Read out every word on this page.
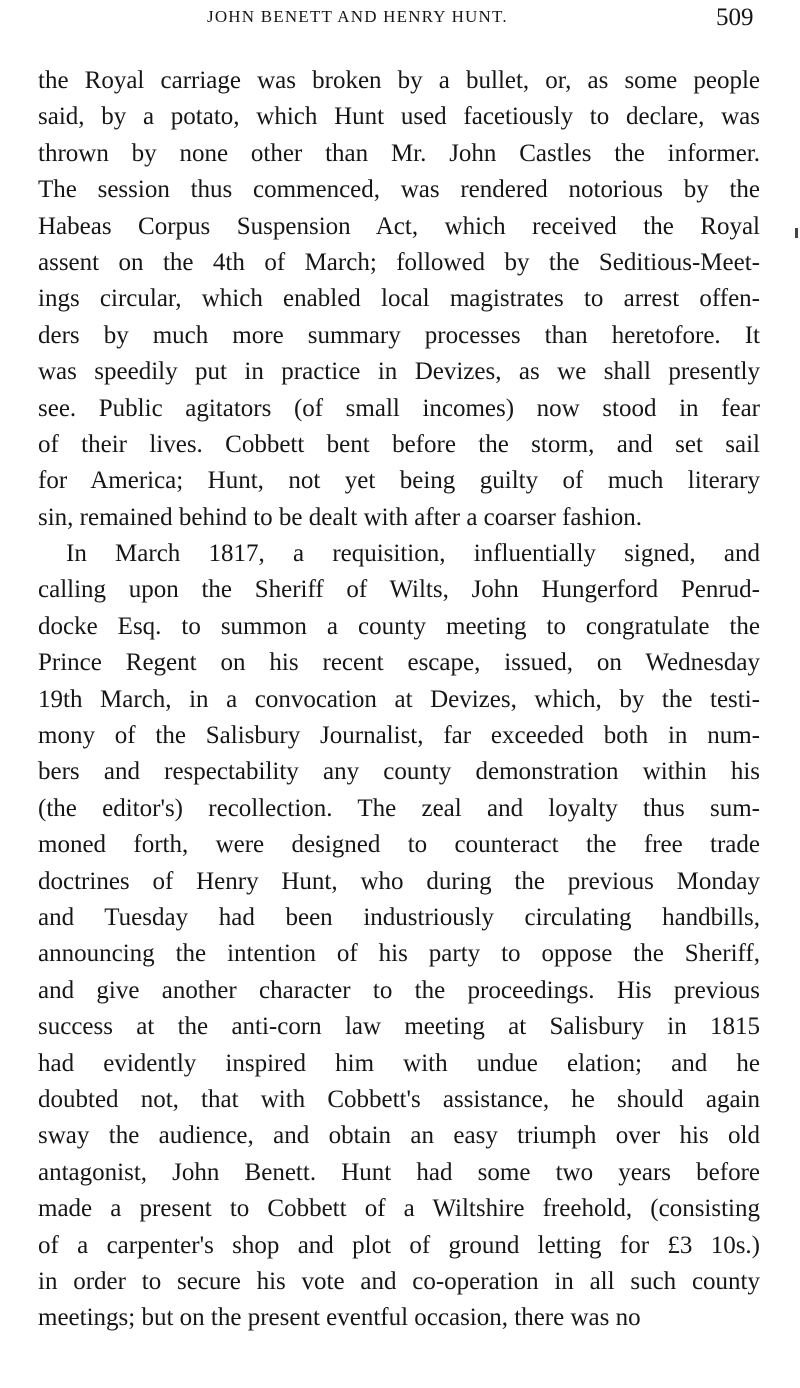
JOHN BENETT AND HENRY HUNT.	509
the Royal carriage was broken by a bullet, or, as some people
said, by a potato, which Hunt used facetiously to declare, was
thrown by none other than Mr. John Castles the informer.
The session thus commenced, was rendered notorious by the
Habeas Corpus Suspension Act, which received the Royal
assent on the 4th of March; followed by the Seditious-Meet-
ings circular, which enabled local magistrates to arrest offen-
ders by much more summary processes than heretofore. It
was speedily put in practice in Devizes, as we shall presently
see. Public agitators (of small incomes) now stood in fear
of their lives. Cobbett bent before the storm, and set sail
for America; Hunt, not yet being guilty of much literary
sin, remained behind to be dealt with after a coarser fashion.
In March 1817, a requisition, influentially signed, and
calling upon the Sheriff of Wilts, John Hungerford Penrud-
docke Esq. to summon a county meeting to congratulate the
Prince Regent on his recent escape, issued, on Wednesday
19th March, in a convocation at Devizes, which, by the testi-
mony of the Salisbury Journalist, far exceeded both in num-
bers and respectability any county demonstration within his
(the editor's) recollection. The zeal and loyalty thus sum-
moned forth, were designed to counteract the free trade
doctrines of Henry Hunt, who during the previous Monday
and Tuesday had been industriously circulating handbills,
announcing the intention of his party to oppose the Sheriff,
and give another character to the proceedings. His previous
success at the anti-corn law meeting at Salisbury in 1815
had evidently inspired him with undue elation; and he
doubted not, that with Cobbett's assistance, he should again
sway the audience, and obtain an easy triumph over his old
antagonist, John Benett. Hunt had some two years before
made a present to Cobbett of a Wiltshire freehold, (consisting
of a carpenter's shop and plot of ground letting for £3 10s.)
in order to secure his vote and co-operation in all such county
meetings; but on the present eventful occasion, there was no
